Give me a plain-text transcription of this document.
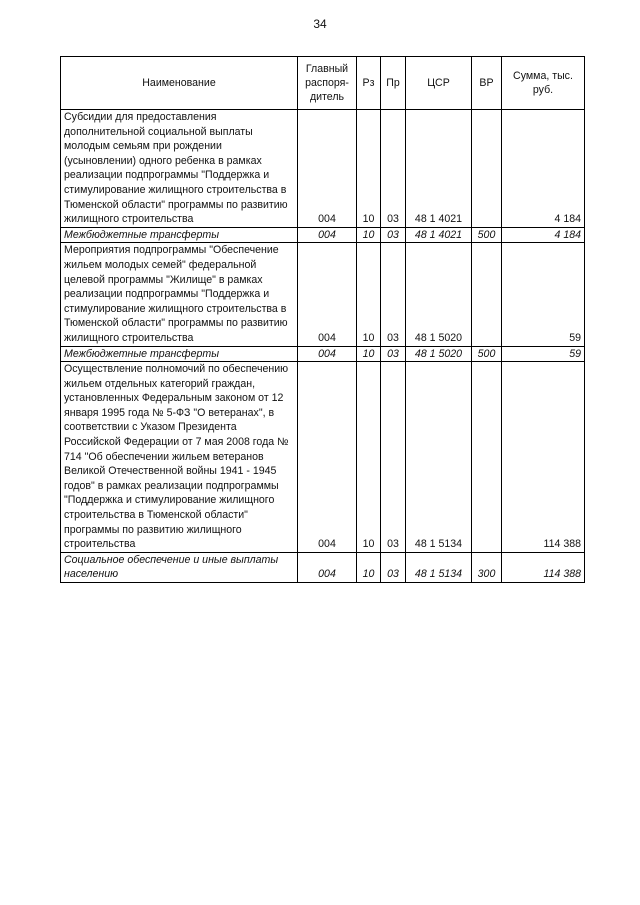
34
Наименование	Главный распоря-дитель	Рз	Пр	ЦСР	ВР	Сумма, тыс. руб.
Субсидии для предоставления дополнительной социальной выплаты молодым семьям при рождении (усыновлении) одного ребенка в рамках реализации подпрограммы "Поддержка и стимулирование жилищного строительства в Тюменской области" программы по развитию жилищного строительства	004	10	03	48 1 4021		4 184
Межбюджетные трансферты	004	10	03	48 1 4021	500	4 184
Мероприятия подпрограммы "Обеспечение жильем молодых семей" федеральной целевой программы "Жилище" в рамках реализации подпрограммы "Поддержка и стимулирование жилищного строительства в Тюменской области" программы по развитию жилищного строительства	004	10	03	48 1 5020		59
Межбюджетные трансферты	004	10	03	48 1 5020	500	59
Осуществление полномочий по обеспечению жильем отдельных категорий граждан, установленных Федеральным законом от 12 января 1995 года № 5-ФЗ "О ветеранах", в соответствии с Указом Президента Российской Федерации от 7 мая 2008 года № 714 "Об обеспечении жильем ветеранов Великой Отечественной войны 1941 - 1945 годов" в рамках реализации подпрограммы "Поддержка и стимулирование жилищного строительства в Тюменской области" программы по развитию жилищного строительства	004	10	03	48 1 5134		114 388
Социальное обеспечение и иные выплаты населению	004	10	03	48 1 5134	300	114 388
